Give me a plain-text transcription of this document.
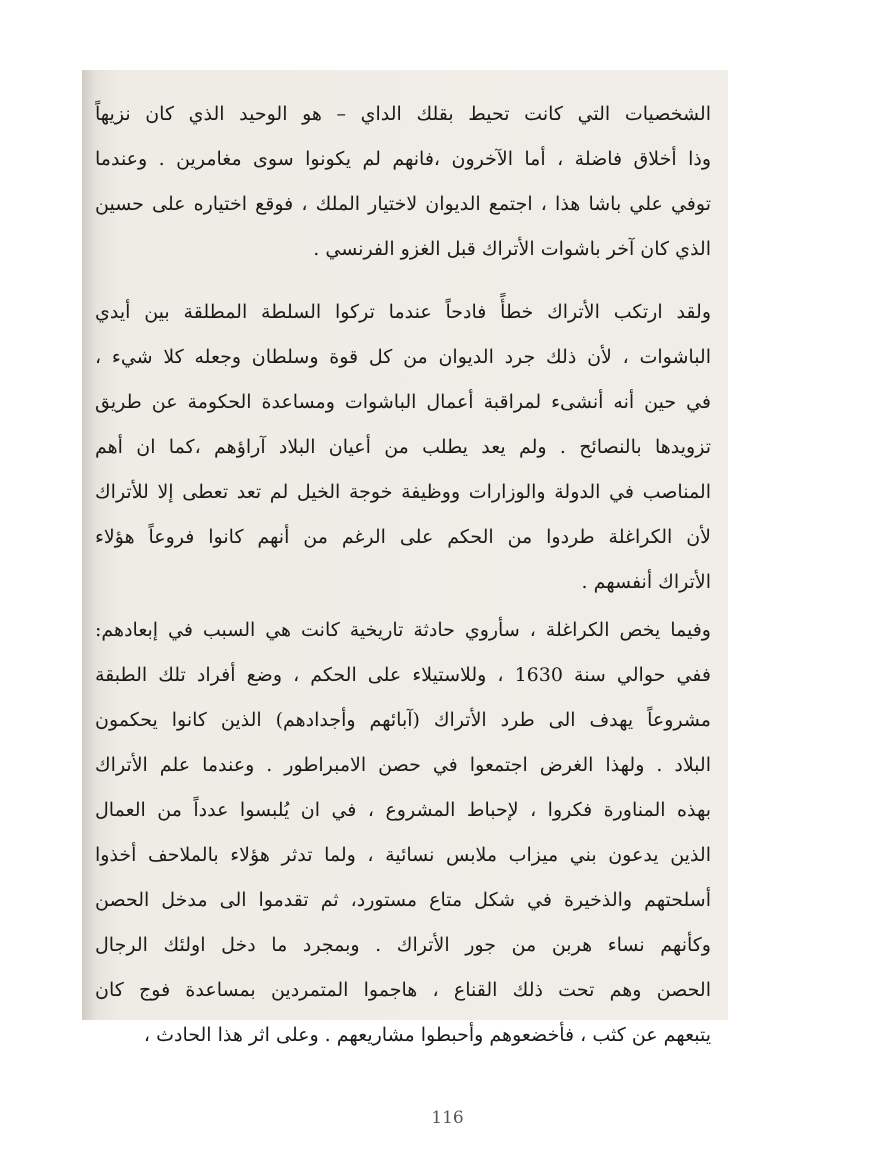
الشخصيات التي كانت تحيط بقلك الداي – هو الوحيد الذي كان نزيهاً
وذا أخلاق فاضلة ، أما الآخرون ،فانهم لم يكونوا سوى مغامرين . وعندما
توفي علي باشا هذا ، اجتمع الديوان لاختيار الملك ، فوقع اختياره على حسين
الذي كان آخر باشوات الأتراك قبل الغزو الفرنسي .
ولقد ارتكب الأتراك خطأً فادحاً عندما تركوا السلطة المطلقة بين أيدي
الباشوات ، لأن ذلك جرد الديوان من كل قوة وسلطان وجعله كلا شيء ،
في حين أنه أنشىء لمراقبة أعمال الباشوات ومساعدة الحكومة عن طريق
تزويدها بالنصائح . ولم يعد يطلب من أعيان البلاد آراؤهم ،كما ان أهم
المناصب في الدولة والوزارات ووظيفة خوجة الخيل لم تعد تعطى إلا للأتراك
لأن الكراغلة طردوا من الحكم على الرغم من أنهم كانوا فروعاً هؤلاء
الأتراك أنفسهم .
وفيما يخص الكراغلة ، سأروي حادثة تاريخية كانت هي السبب في إبعادهم:
ففي حوالي سنة 1630 ، وللاستيلاء على الحكم ، وضع أفراد تلك الطبقة
مشروعاً يهدف الى طرد الأتراك (آبائهم وأجدادهم) الذين كانوا يحكمون
البلاد . ولهذا الغرض اجتمعوا في حصن الامبراطور . وعندما علم الأتراك
بهذه المناورة فكروا ، لإحباط المشروع ، في ان يُلبسوا عدداً من العمال
الذين يدعون بني ميزاب ملابس نسائية ، ولما تدثر هؤلاء بالملاحف أخذوا
أسلحتهم والذخيرة في شكل متاع مستورد، ثم تقدموا الى مدخل الحصن
وكأنهم نساء هربن من جور الأتراك . وبمجرد ما دخل اولئك الرجال
الحصن وهم تحت ذلك القناع ، هاجموا المتمردين بمساعدة فوج كان
يتبعهم عن كثب ، فأخضعوهم وأحبطوا مشاريعهم . وعلى اثر هذا الحادث ،
116
